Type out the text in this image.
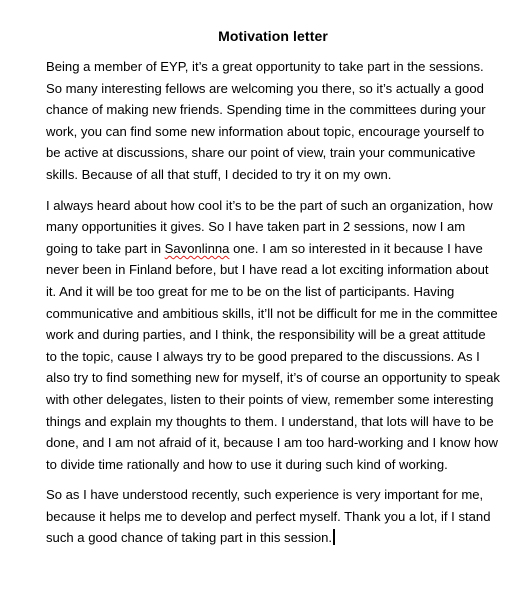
Motivation letter

Being a member of EYP, it’s a great opportunity to take part in the sessions. So many interesting fellows are welcoming you there, so it’s actually a good chance of making new friends. Spending time in the committees during your work, you can find some new information about topic, encourage yourself to be active at discussions, share our point of view, train your communicative skills. Because of all that stuff, I decided to try it on my own.

I always heard about how cool it’s to be the part of such an organization, how many opportunities it gives. So I have taken part in 2 sessions, now I am going to take part in Savonlinna one. I am so interested in it because I have never been in Finland before, but I have read a lot exciting information about it. And it will be too great for me to be on the list of participants. Having communicative and ambitious skills, it’ll not be difficult for me in the committee work and during parties, and I think, the responsibility will be a great attitude to the topic, cause I always try to be good prepared to the discussions. As I also try to find something new for myself, it’s of course an opportunity to speak with other delegates, listen to their points of view, remember some interesting things and explain my thoughts to them. I understand, that lots will have to be done, and I am not afraid of it, because I am too hard-working and I know how to divide time rationally and how to use it during such kind of working.

So as I have understood recently, such experience is very important for me, because it helps me to develop and perfect myself. Thank you a lot, if I stand such a good chance of taking part in this session.
